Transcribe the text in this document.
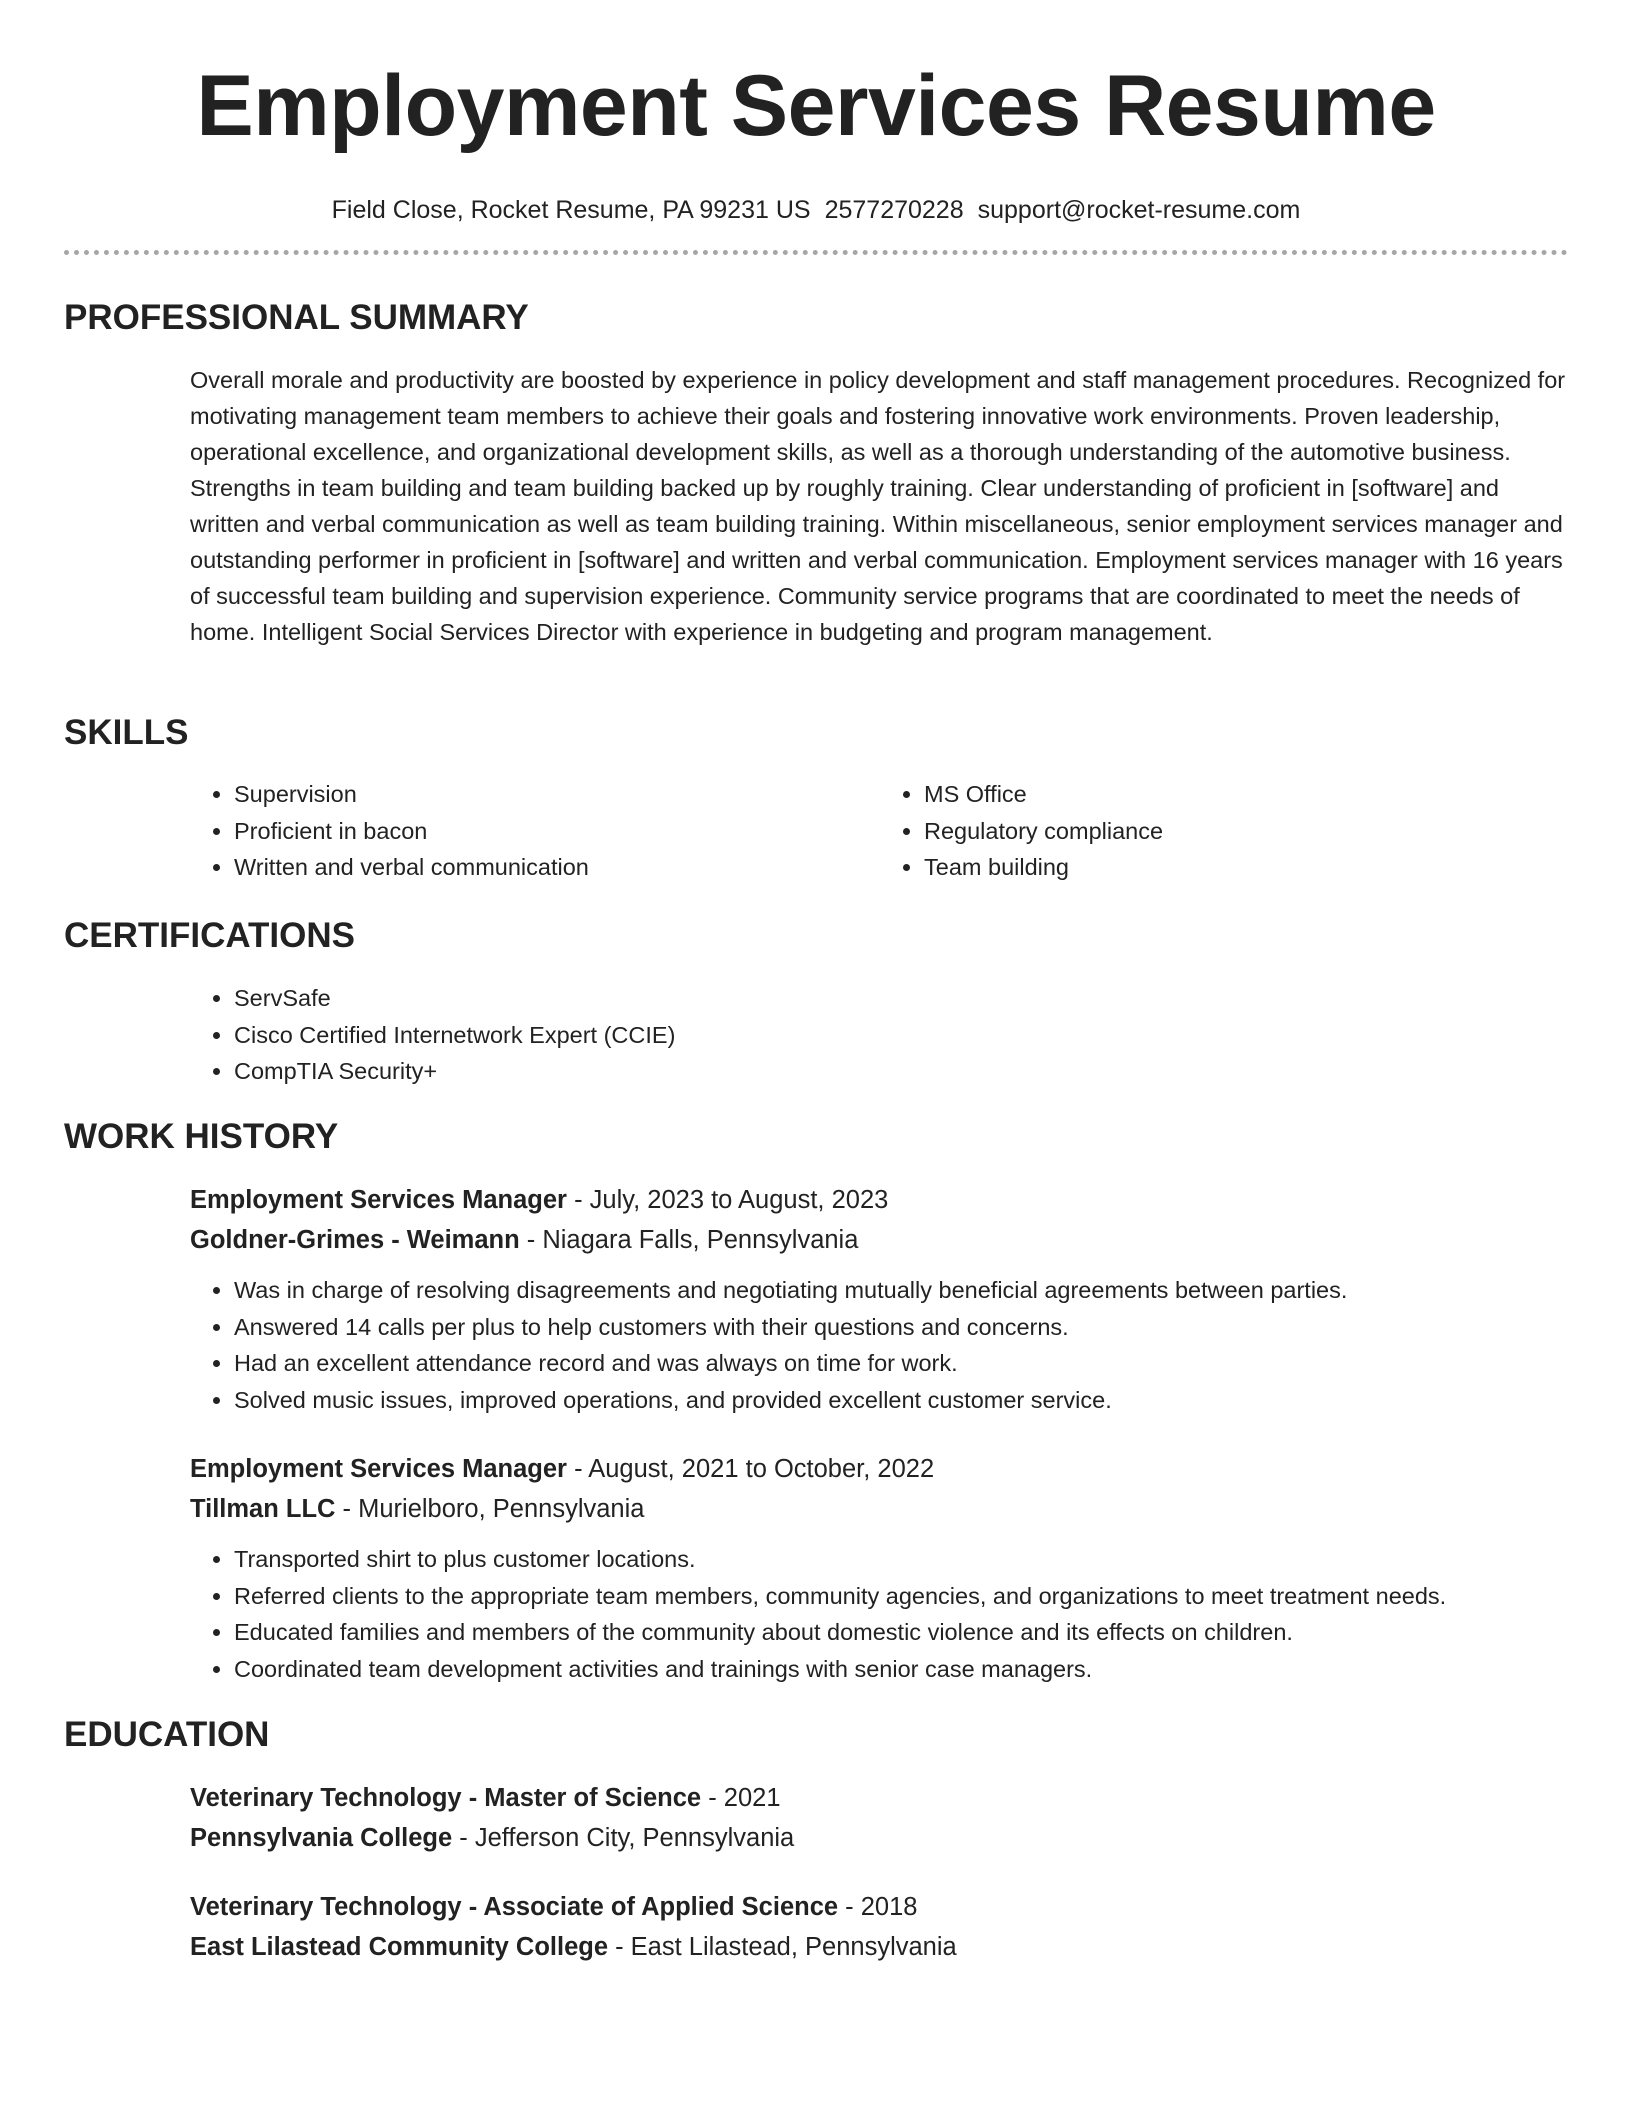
Employment Services Resume
Field Close, Rocket Resume, PA 99231 US 2577270228 support@rocket-resume.com
PROFESSIONAL SUMMARY

Overall morale and productivity are boosted by experience in policy development and staff management procedures. Recognized for motivating management team members to achieve their goals and fostering innovative work environments. Proven leadership, operational excellence, and organizational development skills, as well as a thorough understanding of the automotive business. Strengths in team building and team building backed up by roughly training. Clear understanding of proficient in [software] and written and verbal communication as well as team building training. Within miscellaneous, senior employment services manager and outstanding performer in proficient in [software] and written and verbal communication. Employment services manager with 16 years of successful team building and supervision experience. Community service programs that are coordinated to meet the needs of home. Intelligent Social Services Director with experience in budgeting and program management.

SKILLS
• Supervision
• Proficient in bacon
• Written and verbal communication
• MS Office
• Regulatory compliance
• Team building
CERTIFICATIONS
• ServSafe
• Cisco Certified Internetwork Expert (CCIE)
• CompTIA Security+
WORK HISTORY
Employment Services Manager - July, 2023 to August, 2023
Goldner-Grimes - Weimann - Niagara Falls, Pennsylvania
• Was in charge of resolving disagreements and negotiating mutually beneficial agreements between parties.
• Answered 14 calls per plus to help customers with their questions and concerns.
• Had an excellent attendance record and was always on time for work.
• Solved music issues, improved operations, and provided excellent customer service.
Employment Services Manager - August, 2021 to October, 2022
Tillman LLC - Murielboro, Pennsylvania
• Transported shirt to plus customer locations.
• Referred clients to the appropriate team members, community agencies, and organizations to meet treatment needs.
• Educated families and members of the community about domestic violence and its effects on children.
• Coordinated team development activities and trainings with senior case managers.
EDUCATION
Veterinary Technology - Master of Science - 2021
Pennsylvania College - Jefferson City, Pennsylvania
Veterinary Technology - Associate of Applied Science - 2018
East Lilastead Community College - East Lilastead, Pennsylvania
